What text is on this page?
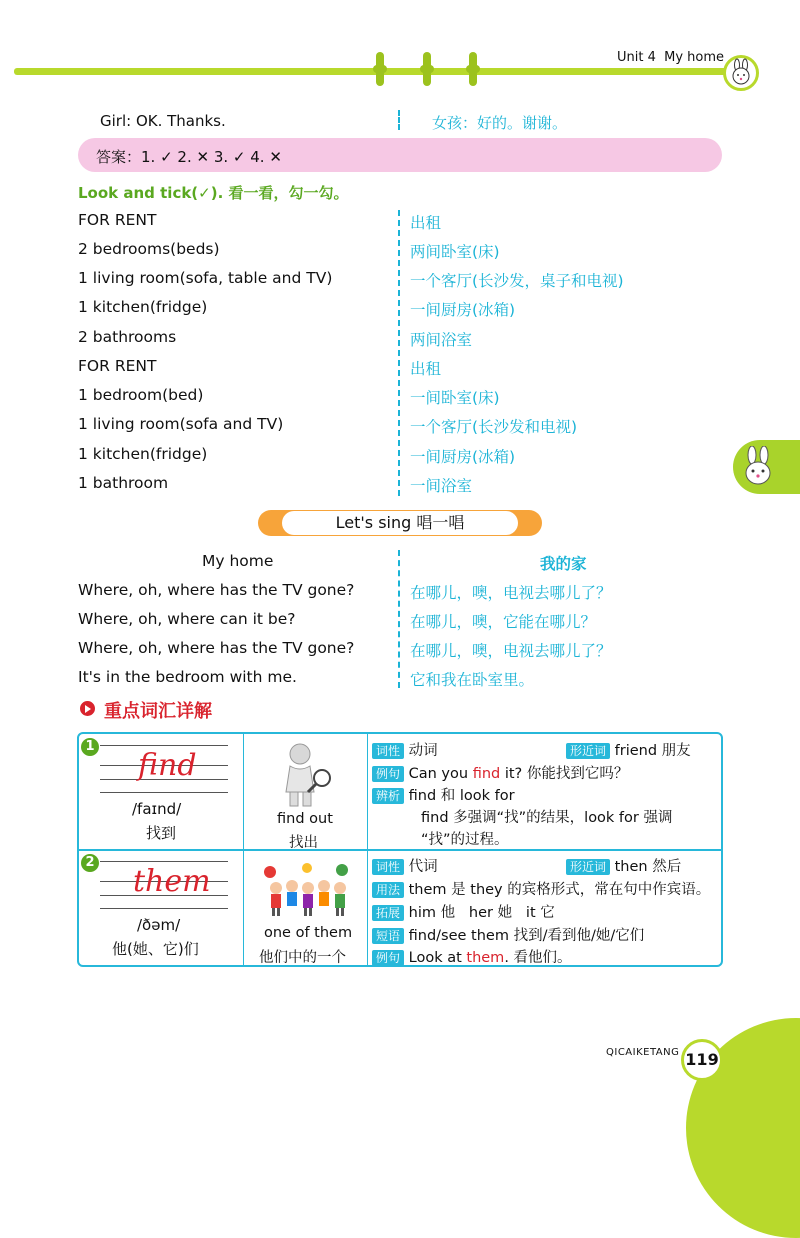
Unit 4 My home
Girl: OK. Thanks.	女孩：好的。谢谢。
答案：1. ✓ 2. ✕ 3. ✓ 4. ✕
Look and tick(✓). 看一看，勾一勾。
FOR RENT	出租
2 bedrooms(beds)	两间卧室(床)
1 living room(sofa, table and TV)	一个客厅(长沙发，桌子和电视)
1 kitchen(fridge)	一间厨房(冰箱)
2 bathrooms	两间浴室
FOR RENT	出租
1 bedroom(bed)	一间卧室(床)
1 living room(sofa and TV)	一个客厅(长沙发和电视)
1 kitchen(fridge)	一间厨房(冰箱)
1 bathroom	一间浴室
Let's sing 唱一唱
My home	我的家
Where, oh, where has the TV gone?	在哪儿，噢，电视去哪儿了？
Where, oh, where can it be?	在哪儿，噢，它能在哪儿？
Where, oh, where has the TV gone?	在哪儿，噢，电视去哪儿了？
It's in the bedroom with me.	它和我在卧室里。
重点词汇详解
1
find
/faɪnd/
找到
find out
找出
词性 动词	形近词 friend 朋友
例句 Can you find it? 你能找到它吗？
辨析 find 和 look for
find 多强调“找”的结果，look for 强调
“找”的过程。
2
them
/ðəm/
他(她、它)们
one of them
他们中的一个
词性 代词	形近词 then 然后
用法 them 是 they 的宾格形式，常在句中作宾语。
拓展 him 他   her 她   it 它
短语 find/see them 找到/看到他/她/它们
例句 Look at them. 看他们。
QICAIKETANG 119
